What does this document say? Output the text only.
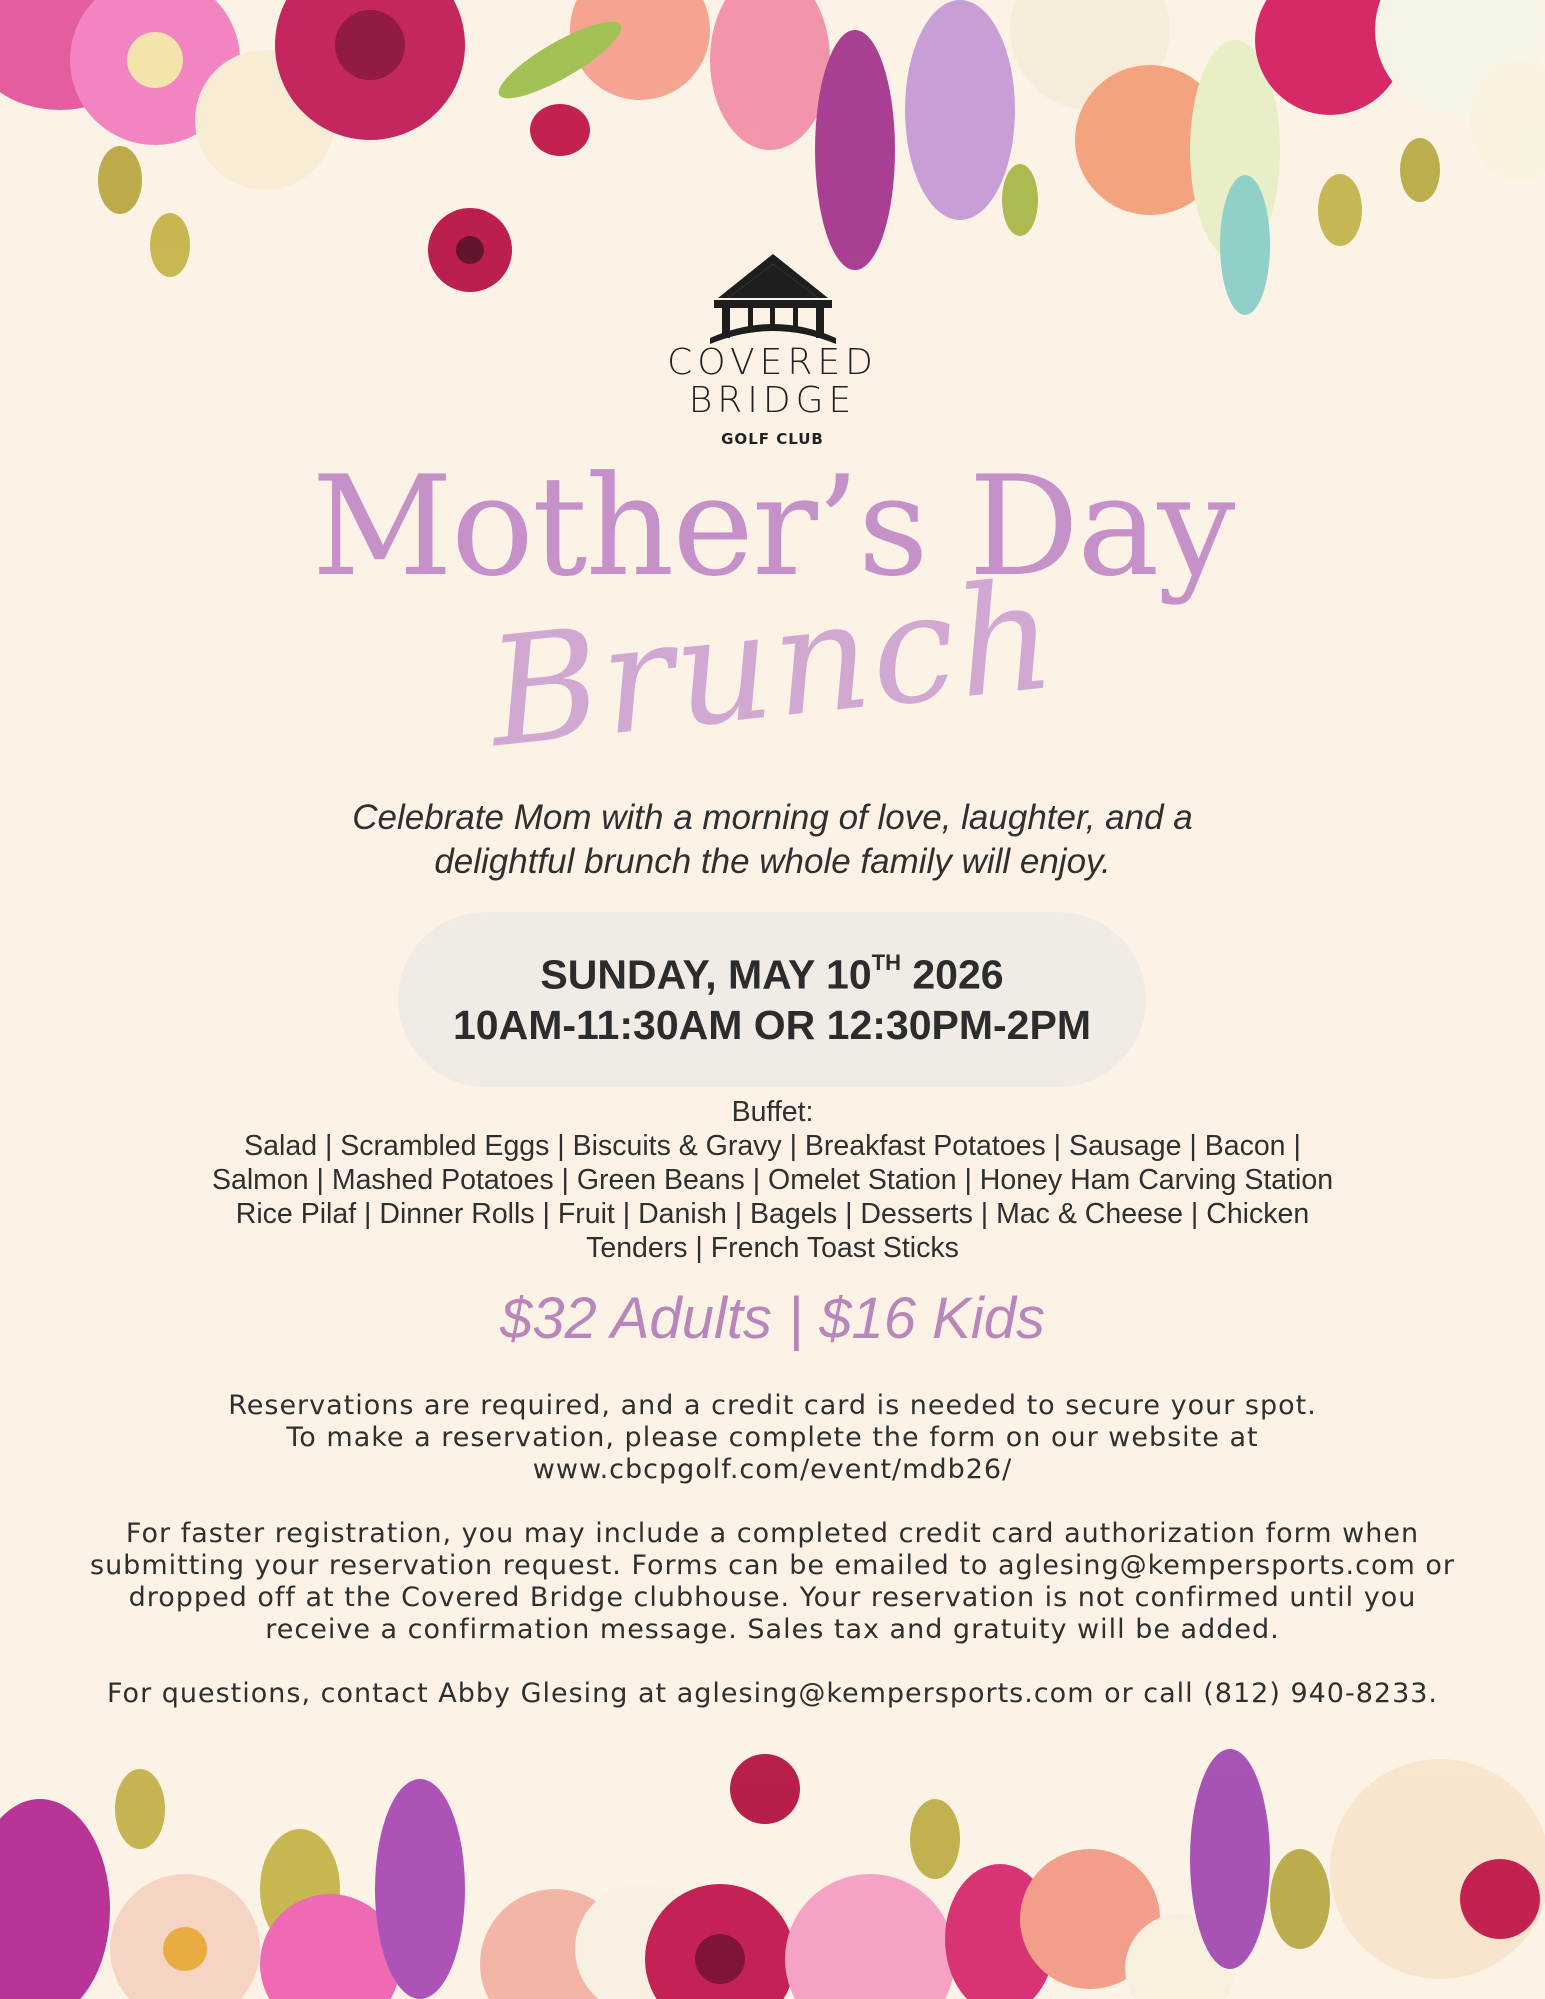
COVERED
BRIDGE
GOLF CLUB
Mother’s Day
Brunch
Celebrate Mom with a morning of love, laughter, and a
delightful brunch the whole family will enjoy.
SUNDAY, MAY 10TH 2026
10AM-11:30AM OR 12:30PM-2PM
Buffet:
Salad | Scrambled Eggs | Biscuits & Gravy | Breakfast Potatoes | Sausage | Bacon |
Salmon | Mashed Potatoes | Green Beans | Omelet Station | Honey Ham Carving Station
Rice Pilaf | Dinner Rolls | Fruit | Danish | Bagels | Desserts | Mac & Cheese | Chicken
Tenders | French Toast Sticks
$32 Adults | $16 Kids

Reservations are required, and a credit card is needed to secure your spot.

To make a reservation, please complete the form on our website at

www.cbcpgolf.com/event/mdb26/

For faster registration, you may include a completed credit card authorization form when

submitting your reservation request. Forms can be emailed to aglesing@kempersports.com or

dropped off at the Covered Bridge clubhouse. Your reservation is not confirmed until you

receive a confirmation message. Sales tax and gratuity will be added.

For questions, contact Abby Glesing at aglesing@kempersports.com or call (812) 940-8233.
